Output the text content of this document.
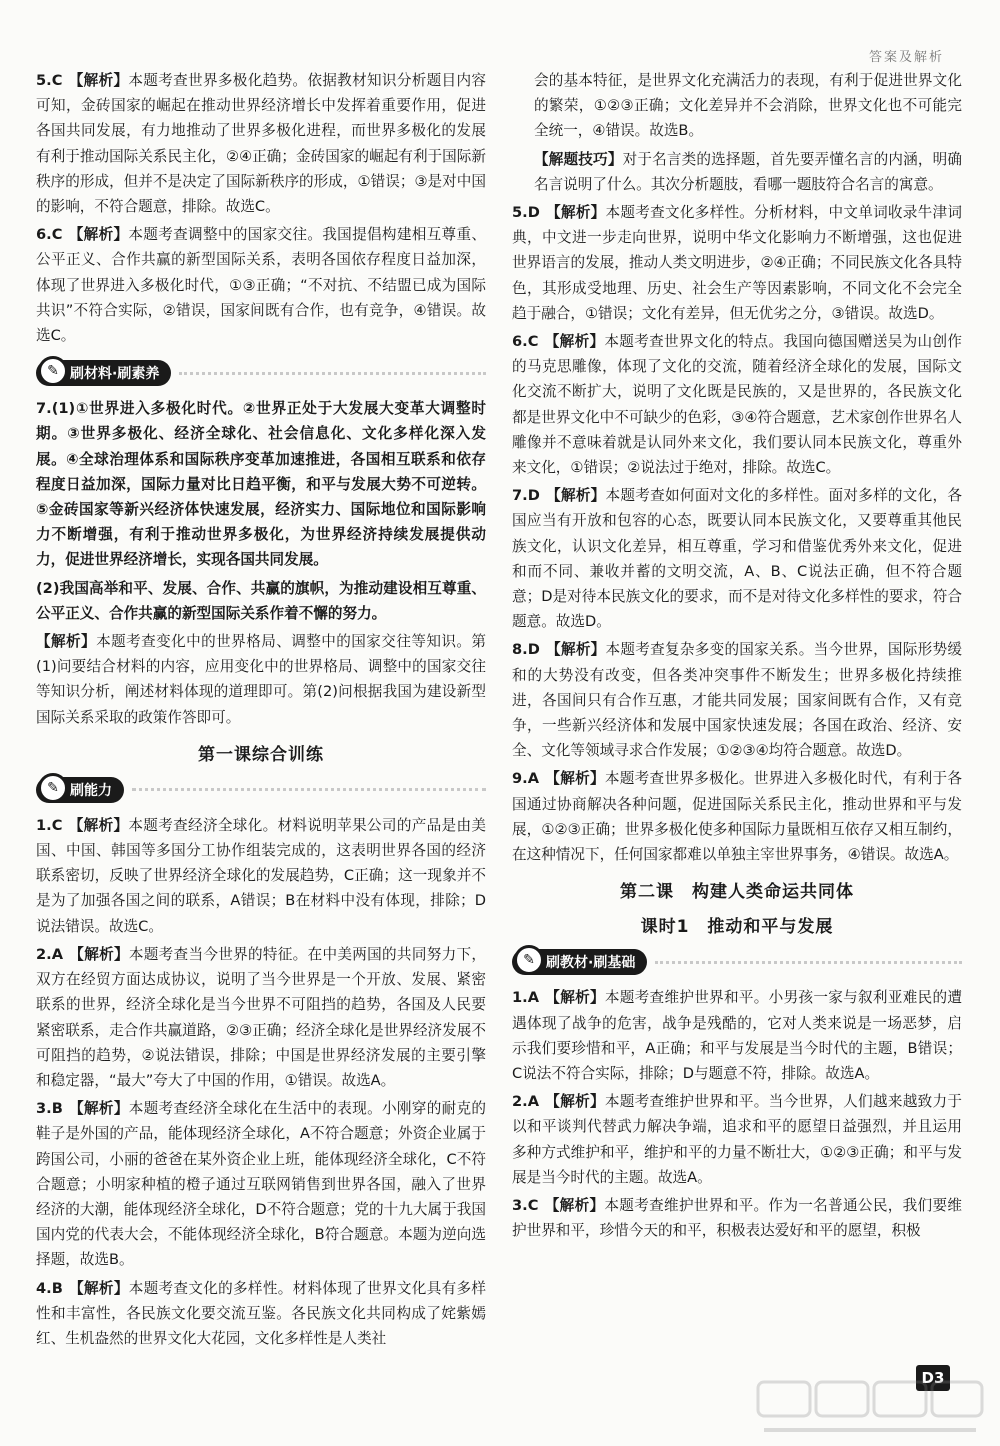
答案及解析

5.C 【解析】本题考查世界多极化趋势。依据教材知识分析题目内容可知，金砖国家的崛起在推动世界经济增长中发挥着重要作用，促进各国共同发展，有力地推动了世界多极化进程，而世界多极化的发展有利于推动国际关系民主化，②④正确；金砖国家的崛起有利于国际新秩序的形成，但并不是决定了国际新秩序的形成，①错误；③是对中国的影响，不符合题意，排除。故选C。

6.C 【解析】本题考查调整中的国家交往。我国提倡构建相互尊重、公平正义、合作共赢的新型国际关系，表明各国依存程度日益加深，体现了世界进入多极化时代，①③正确；“不对抗、不结盟已成为国际共识”不符合实际，②错误，国家间既有合作，也有竞争，④错误。故选C。

✎ 刷材料·刷素养

7.(1)①世界进入多极化时代。②世界正处于大发展大变革大调整时期。③世界多极化、经济全球化、社会信息化、文化多样化深入发展。④全球治理体系和国际秩序变革加速推进，各国相互联系和依存程度日益加深，国际力量对比日趋平衡，和平与发展大势不可逆转。⑤金砖国家等新兴经济体快速发展，经济实力、国际地位和国际影响力不断增强，有利于推动世界多极化，为世界经济持续发展提供动力，促进世界经济增长，实现各国共同发展。

(2)我国高举和平、发展、合作、共赢的旗帜，为推动建设相互尊重、公平正义、合作共赢的新型国际关系作着不懈的努力。

【解析】本题考查变化中的世界格局、调整中的国家交往等知识。第(1)问要结合材料的内容，应用变化中的世界格局、调整中的国家交往等知识分析，阐述材料体现的道理即可。第(2)问根据我国为建设新型国际关系采取的政策作答即可。

第一课综合训练
✎ 刷能力

1.C 【解析】本题考查经济全球化。材料说明苹果公司的产品是由美国、中国、韩国等多国分工协作组装完成的，这表明世界各国的经济联系密切，反映了世界经济全球化的发展趋势，C正确；这一现象并不是为了加强各国之间的联系，A错误；B在材料中没有体现，排除；D说法错误。故选C。

2.A 【解析】本题考查当今世界的特征。在中美两国的共同努力下，双方在经贸方面达成协议，说明了当今世界是一个开放、发展、紧密联系的世界，经济全球化是当今世界不可阻挡的趋势，各国及人民要紧密联系，走合作共赢道路，②③正确；经济全球化是世界经济发展不可阻挡的趋势，②说法错误，排除；中国是世界经济发展的主要引擎和稳定器，“最大”夸大了中国的作用，①错误。故选A。

3.B 【解析】本题考查经济全球化在生活中的表现。小刚穿的耐克的鞋子是外国的产品，能体现经济全球化，A不符合题意；外资企业属于跨国公司，小丽的爸爸在某外资企业上班，能体现经济全球化，C不符合题意；小明家种植的橙子通过互联网销售到世界各国，融入了世界经济的大潮，能体现经济全球化，D不符合题意；党的十九大属于我国国内党的代表大会，不能体现经济全球化，B符合题意。本题为逆向选择题，故选B。

4.B 【解析】本题考查文化的多样性。材料体现了世界文化具有多样性和丰富性，各民族文化要交流互鉴。各民族文化共同构成了姹紫嫣红、生机盎然的世界文化大花园，文化多样性是人类社

会的基本特征，是世界文化充满活力的表现，有利于促进世界文化的繁荣，①②③正确；文化差异并不会消除，世界文化也不可能完全统一，④错误。故选B。

【解题技巧】对于名言类的选择题，首先要弄懂名言的内涵，明确名言说明了什么。其次分析题肢，看哪一题肢符合名言的寓意。

5.D 【解析】本题考查文化多样性。分析材料，中文单词收录牛津词典，中文进一步走向世界，说明中华文化影响力不断增强，这也促进世界语言的发展，推动人类文明进步，②④正确；不同民族文化各具特色，其形成受地理、历史、社会生产等因素影响，不同文化不会完全趋于融合，①错误；文化有差异，但无优劣之分，③错误。故选D。

6.C 【解析】本题考查世界文化的特点。我国向德国赠送吴为山创作的马克思雕像，体现了文化的交流，随着经济全球化的发展，国际文化交流不断扩大，说明了文化既是民族的，又是世界的，各民族文化都是世界文化中不可缺少的色彩，③④符合题意，艺术家创作世界名人雕像并不意味着就是认同外来文化，我们要认同本民族文化，尊重外来文化，①错误；②说法过于绝对，排除。故选C。

7.D 【解析】本题考查如何面对文化的多样性。面对多样的文化，各国应当有开放和包容的心态，既要认同本民族文化，又要尊重其他民族文化，认识文化差异，相互尊重，学习和借鉴优秀外来文化，促进和而不同、兼收并蓄的文明交流，A、B、C说法正确，但不符合题意；D是对待本民族文化的要求，而不是对待文化多样性的要求，符合题意。故选D。

8.D 【解析】本题考查复杂多变的国家关系。当今世界，国际形势缓和的大势没有改变，但各类冲突事件不断发生；世界多极化持续推进，各国间只有合作互惠，才能共同发展；国家间既有合作，又有竞争，一些新兴经济体和发展中国家快速发展；各国在政治、经济、安全、文化等领域寻求合作发展；①②③④均符合题意。故选D。

9.A 【解析】本题考查世界多极化。世界进入多极化时代，有利于各国通过协商解决各种问题，促进国际关系民主化，推动世界和平与发展，①②③正确；世界多极化使多种国际力量既相互依存又相互制约，在这种情况下，任何国家都难以单独主宰世界事务，④错误。故选A。

第二课　构建人类命运共同体
课时1　推动和平与发展
✎ 刷教材·刷基础

1.A 【解析】本题考查维护世界和平。小男孩一家与叙利亚难民的遭遇体现了战争的危害，战争是残酷的，它对人类来说是一场恶梦，启示我们要珍惜和平，A正确；和平与发展是当今时代的主题，B错误；C说法不符合实际，排除；D与题意不符，排除。故选A。

2.A 【解析】本题考查维护世界和平。当今世界，人们越来越致力于以和平谈判代替武力解决争端，追求和平的愿望日益强烈，并且运用多种方式维护和平，维护和平的力量不断壮大，①②③正确；和平与发展是当今时代的主题。故选A。

3.C 【解析】本题考查维护世界和平。作为一名普通公民，我们要维护世界和平，珍惜今天的和平，积极表达爱好和平的愿望，积极

D3
